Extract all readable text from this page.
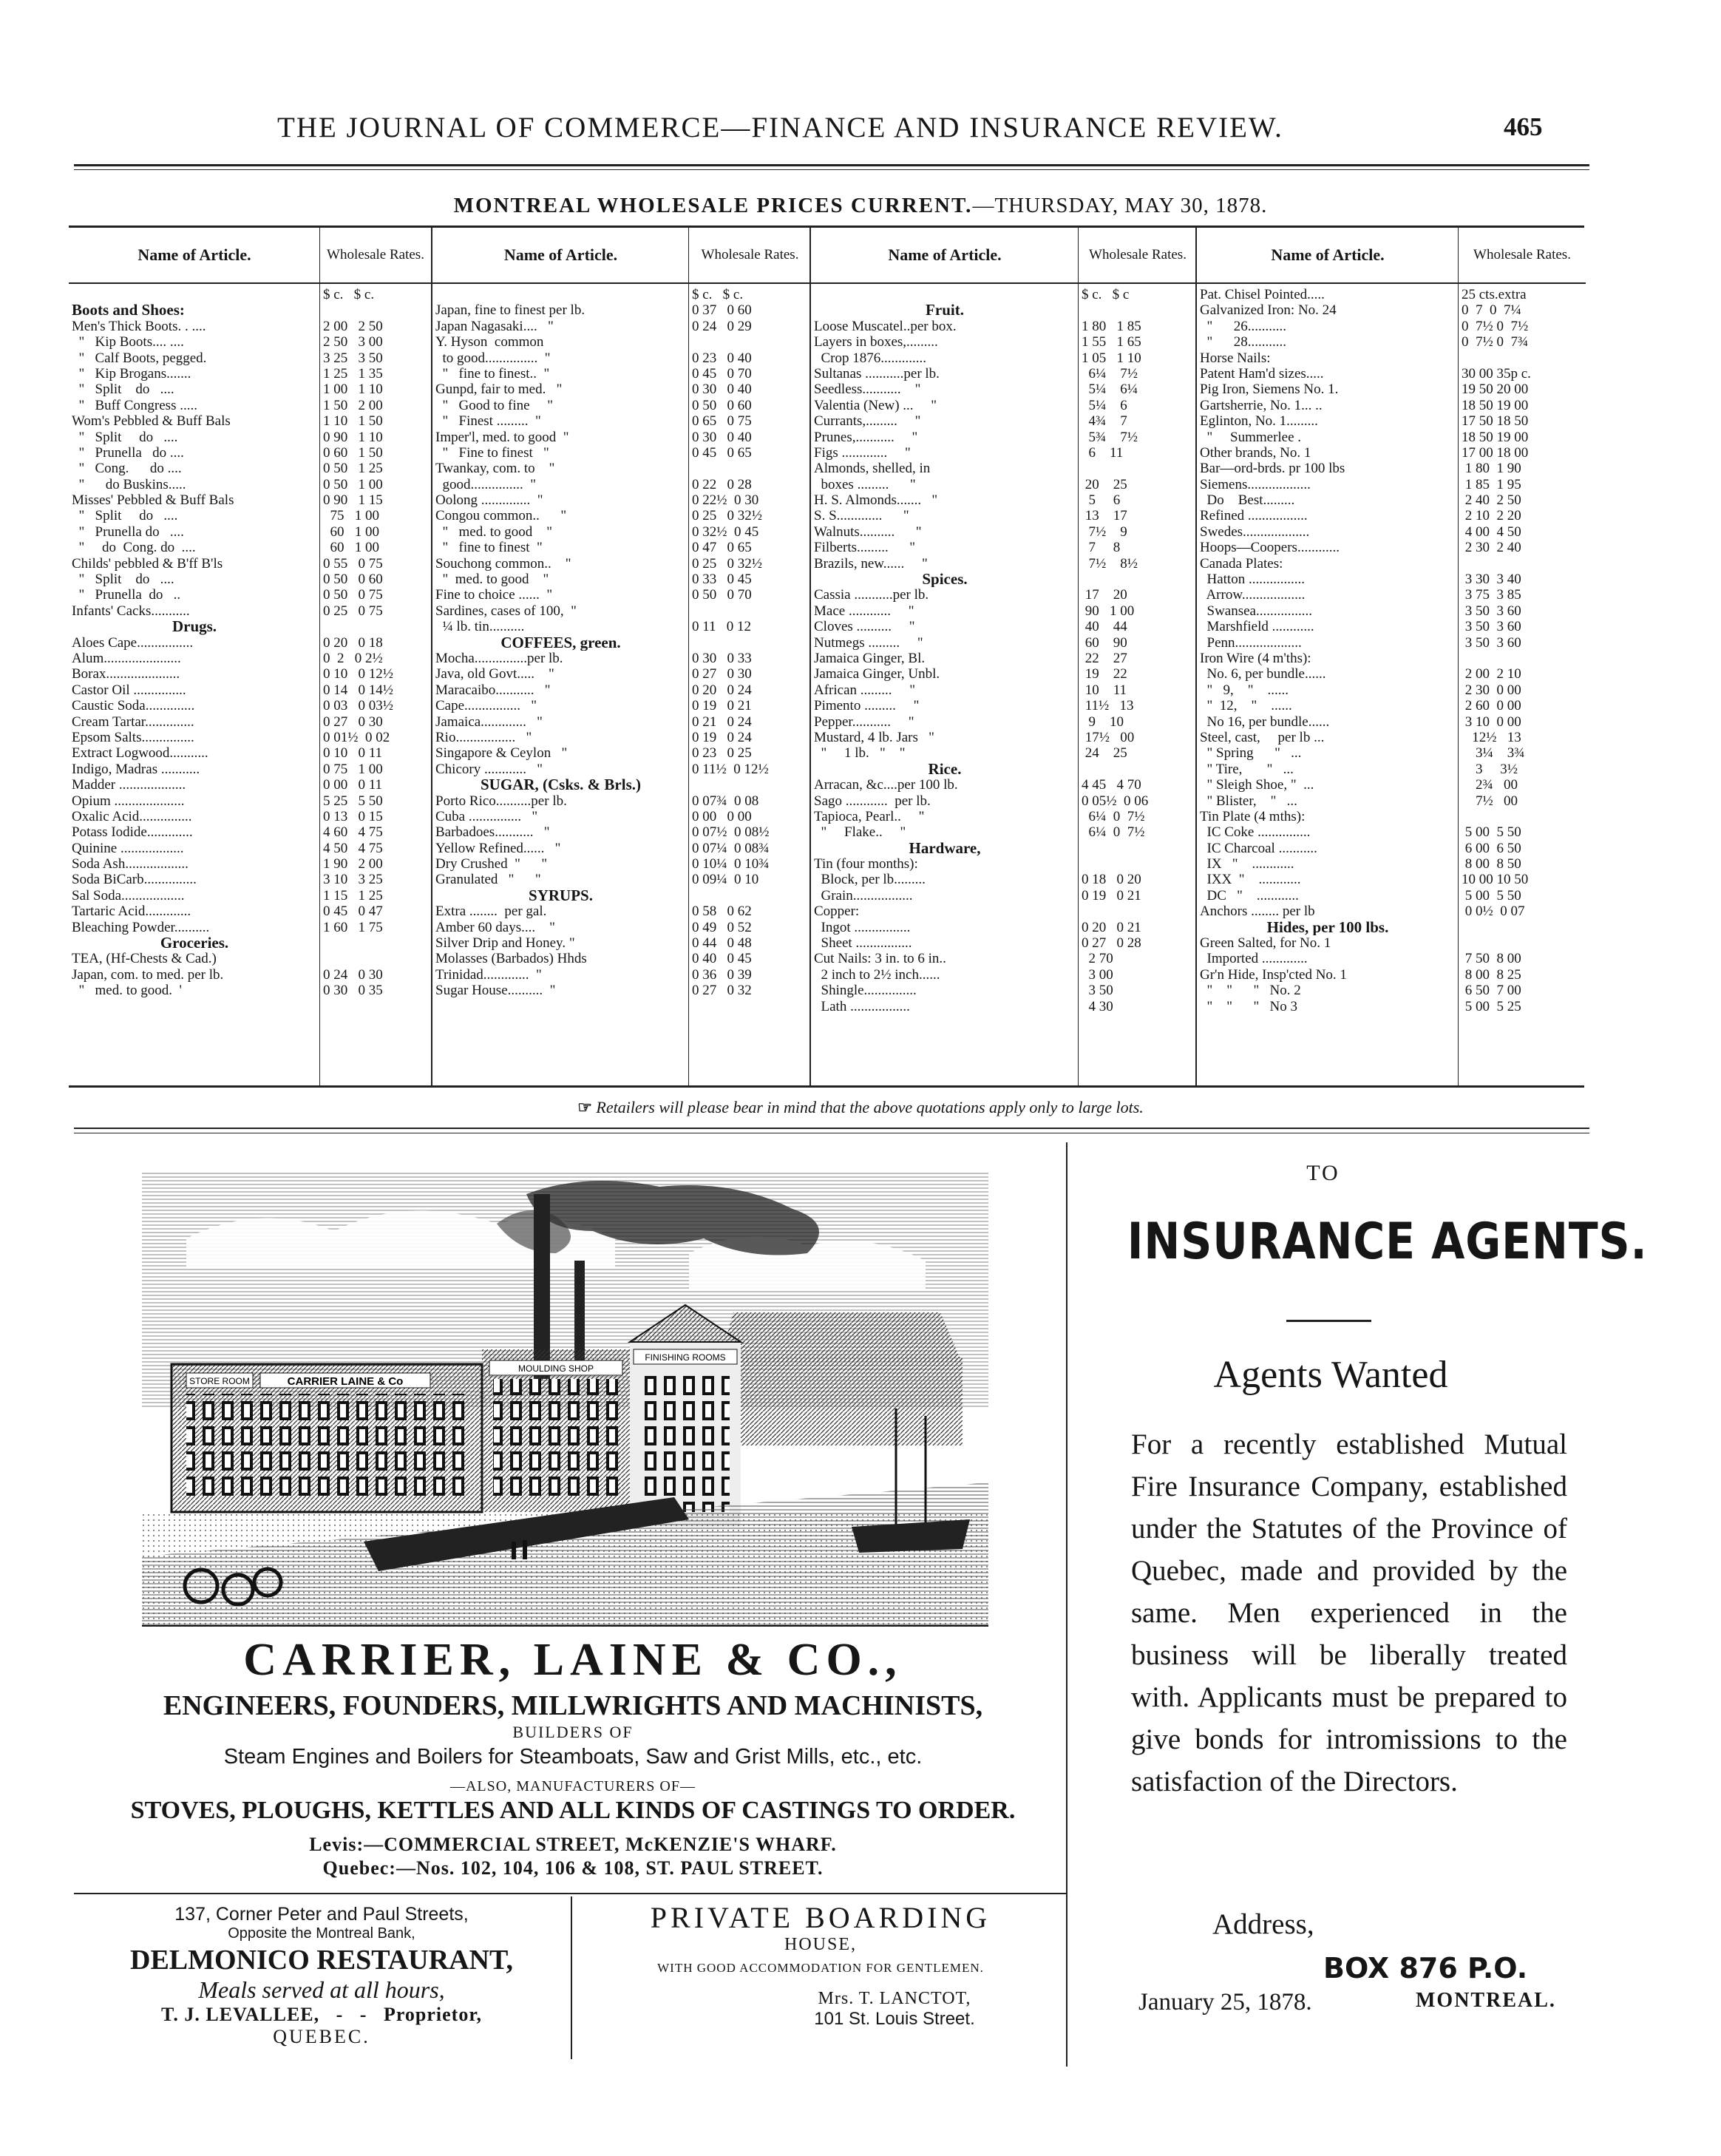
THE JOURNAL OF COMMERCE—FINANCE AND INSURANCE REVIEW.	465
MONTREAL WHOLESALE PRICES CURRENT.—THURSDAY, MAY 30, 1878.
Name of Article.	Wholesale Rates.
$ c.   $ c.
Boots and Shoes:
Men's Thick Boots. . ....	2 00   2 50
"   Kip Boots.... ....	2 50   3 00
"   Calf Boots, pegged.	3 25   3 50
"   Kip Brogans.......	1 25   1 35
"   Split    do   ....	1 00   1 10
"   Buff Congress .....	1 50   2 00
Wom's Pebbled & Buff Bals	1 10   1 50
"   Split     do   ....	0 90   1 10
"   Prunella   do ....	0 60   1 50
"   Cong.      do ....	0 50   1 25
"      do Buskins.....	0 50   1 00
Misses' Pebbled & Buff Bals	0 90   1 15
"   Split     do   ....	75   1 00
"   Prunella do   ....	60   1 00
"     do  Cong. do  ....	60   1 00
Childs' pebbled & B'ff B'ls	0 55   0 75
"   Split    do   ....	0 50   0 60
"   Prunella  do   ..	0 50   0 75
Infants' Cacks...........	0 25   0 75
Drugs.
Aloes Cape................	0 20   0 18
Alum......................	0  2   0 2½
Borax.....................	0 10   0 12½
Castor Oil ...............	0 14   0 14½
Caustic Soda..............	0 03   0 03½
Cream Tartar..............	0 27   0 30
Epsom Salts...............	0 01½  0 02
Extract Logwood...........	0 10   0 11
Indigo, Madras ...........	0 75   1 00
Madder ...................	0 00   0 11
Opium ....................	5 25   5 50
Oxalic Acid...............	0 13   0 15
Potass Iodide.............	4 60   4 75
Quinine ..................	4 50   4 75
Soda Ash..................	1 90   2 00
Soda BiCarb...............	3 10   3 25
Sal Soda..................	1 15   1 25
Tartaric Acid.............	0 45   0 47
Bleaching Powder..........	1 60   1 75
Groceries.
TEA, (Hf-Chests & Cad.)
Japan, com. to med. per lb.	0 24   0 30
"   med. to good.  '	0 30   0 35
Name of Article.	Wholesale Rates.
$ c.   $ c.
Japan, fine to finest per lb.	0 37   0 60
Japan Nagasaki....   "	0 24   0 29
Y. Hyson  common
to good...............  "	0 23   0 40
"   fine to finest..  "	0 45   0 70
Gunpd, fair to med.   "	0 30   0 40
"   Good to fine     "	0 50   0 60
"   Finest .........  "	0 65   0 75
Imper'l, med. to good  "	0 30   0 40
"   Fine to finest   "	0 45   0 65
Twankay, com. to    "
good...............  "	0 22   0 28
Oolong ..............  "	0 22½  0 30
Congou common..      "	0 25   0 32½
"   med. to good    "	0 32½  0 45
"   fine to finest  "	0 47   0 65
Souchong common..    "	0 25   0 32½
"  med. to good    "	0 33   0 45
Fine to choice ......  "	0 50   0 70
Sardines, cases of 100,  "
¼ lb. tin..........	0 11   0 12
COFFEES, green.
Mocha...............per lb.	0 30   0 33
Java, old Govt.....    "	0 27   0 30
Maracaibo...........   "	0 20   0 24
Cape................   "	0 19   0 21
Jamaica.............   "	0 21   0 24
Rio.................   "	0 19   0 24
Singapore & Ceylon   "	0 23   0 25
Chicory ............   "	0 11½  0 12½
SUGAR, (Csks. & Brls.)
Porto Rico..........per lb.	0 07¾  0 08
Cuba ...............   "	0 00   0 00
Barbadoes...........   "	0 07½  0 08½
Yellow Refined......   "	0 07¼  0 08¾
Dry Crushed  "      "	0 10¼  0 10¾
Granulated   "      "	0 09¼  0 10
SYRUPS.
Extra ........  per gal.	0 58   0 62
Amber 60 days....    "	0 49   0 52
Silver Drip and Honey. "	0 44   0 48
Molasses (Barbados) Hhds	0 40   0 45
Trinidad.............  "	0 36   0 39
Sugar House..........  "	0 27   0 32
Name of Article.	Wholesale Rates.
$ c.   $ c
Fruit.
Loose Muscatel..per box.	1 80   1 85
Layers in boxes,.........	1 55   1 65
Crop 1876.............	1 05   1 10
Sultanas ...........per lb.	6¼    7½
Seedless...........    "	5¼    6¼
Valentia (New) ...     "	5¼    6
Currants,.........     "	4¾    7
Prunes,...........     "	5¾    7½
Figs .............     "	6    11
Almonds, shelled, in
boxes .........      "	20    25
H. S. Almonds.......   "	5     6
S. S.............      "	13    17
Walnuts..........      "	7½    9
Filberts.........      "	7     8
Brazils, new......     "	7½    8½
Spices.
Cassia ...........per lb.	17    20
Mace ............     "	90   1 00
Cloves ..........     "	40    44
Nutmegs .........     "	60    90
Jamaica Ginger, Bl.	22    27
Jamaica Ginger, Unbl.	19    22
African .........     "	10    11
Pimento .........     "	11½   13
Pepper...........     "	9    10
Mustard, 4 lb. Jars   "	17½   00
"     1 lb.   "    "	24    25
Rice.
Arracan, &c....per 100 lb.	4 45   4 70
Sago ............  per lb.	0 05½  0 06
Tapioca, Pearl..     "	6¼  0  7½
"     Flake..     "	6¼  0  7½
Hardware,
Tin (four months):
Block, per lb.........	0 18   0 20
Grain.................	0 19   0 21
Copper:
Ingot ................	0 20   0 21
Sheet ................	0 27   0 28
Cut Nails: 3 in. to 6 in..	2 70
2 inch to 2½ inch......	3 00
Shingle...............	3 50
Lath .................	4 30
Name of Article.	Wholesale Rates.
Pat. Chisel Pointed.....	25 cts.extra
Galvanized Iron: No. 24	0  7  0  7¼
"      26...........	0  7½ 0  7½
"      28...........	0  7½ 0  7¾
Horse Nails:
Patent Ham'd sizes.....	30 00 35p c.
Pig Iron, Siemens No. 1.	19 50 20 00
Gartsherrie, No. 1... ..	18 50 19 00
Eglinton, No. 1.........	17 50 18 50
"     Summerlee .	18 50 19 00
Other brands, No. 1	17 00 18 00
Bar—ord-brds. pr 100 lbs	1 80  1 90
Siemens..................	1 85  1 95
Do    Best.........	2 40  2 50
Refined .................	2 10  2 20
Swedes...................	4 00  4 50
Hoops—Coopers............	2 30  2 40
Canada Plates:
Hatton ................	3 30  3 40
Arrow..................	3 75  3 85
Swansea................	3 50  3 60
Marshfield ............	3 50  3 60
Penn...................	3 50  3 60
Iron Wire (4 m'ths):
No. 6, per bundle......	2 00  2 10
"   9,    "    ......	2 30  0 00
"  12,    "    ......	2 60  0 00
No 16, per bundle......	3 10  0 00
Steel, cast,     per lb ...	12½   13
" Spring      "   ...	3¼    3¾
" Tire,       "   ...	3     3½
" Sleigh Shoe, "  ...	2¾   00
" Blister,    "   ...	7½   00
Tin Plate (4 mths):
IC Coke ...............	5 00  5 50
IC Charcoal ...........	6 00  6 50
IX   "    ............	8 00  8 50
IXX  "    ............	10 00 10 50
DC   "    ............	5 00  5 50
Anchors ........ per lb	0 0½  0 07
Hides, per 100 lbs.
Green Salted, for No. 1
Imported .............	7 50  8 00
Gr'n Hide, Insp'cted No. 1	8 00  8 25
"    "      "   No. 2	6 50  7 00
"    "      "   No 3	5 00  5 25
☞ Retailers will please bear in mind that the above quotations apply only to large lots.
STORE ROOM	CARRIER LAINE & Co
MOULDING SHOP
FINISHING ROOMS
CARRIER, LAINE & CO.,
ENGINEERS, FOUNDERS, MILLWRIGHTS AND MACHINISTS,
BUILDERS OF
Steam Engines and Boilers for Steamboats, Saw and Grist Mills, etc., etc.
—ALSO, MANUFACTURERS OF—
STOVES, PLOUGHS, KETTLES AND ALL KINDS OF CASTINGS TO ORDER.
Levis:—COMMERCIAL STREET, McKENZIE'S WHARF.
Quebec:—Nos. 102, 104, 106 & 108, ST. PAUL STREET.
137, Corner Peter and Paul Streets,
Opposite the Montreal Bank,
DELMONICO RESTAURANT,
Meals served at all hours,
T. J. LEVALLEE,   -   -   Proprietor,
QUEBEC.
PRIVATE BOARDING
HOUSE,
WITH GOOD ACCOMMODATION FOR GENTLEMEN.
Mrs. T. LANCTOT,
101 St. Louis Street.
TO
INSURANCE AGENTS.
Agents Wanted
For a recently established Mutual Fire Insurance Company, established under the Statutes of the Province of Quebec, made and provided by the same. Men experienced in the business will be liberally treated with. Applicants must be prepared to give bonds for intromissions to the satisfaction of the Directors.
Address,
BOX 876 P.O.
MONTREAL.
January 25, 1878.
